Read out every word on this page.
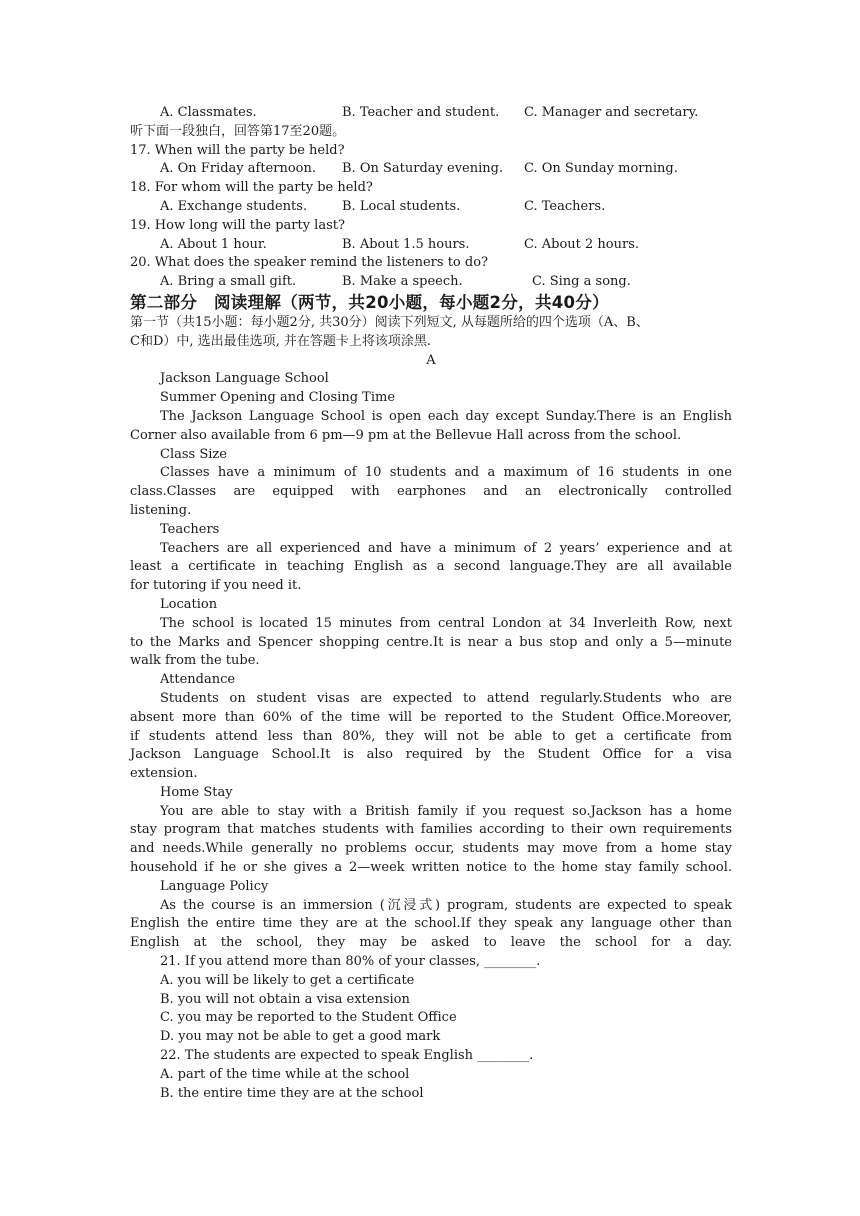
A. Classmates.	B. Teacher and student.	C. Manager and secretary.
听下面一段独白，回答第17至20题。
17. When will the party be held?
A. On Friday afternoon.	B. On Saturday evening.	C. On Sunday morning.
18. For whom will the party be held?
A. Exchange students.	B. Local students.	C. Teachers.
19. How long will the party last?
A. About 1 hour.	B. About 1.5 hours.	C. About 2 hours.
20. What does the speaker remind the listeners to do?
A. Bring a small gift.	B. Make a speech.	C. Sing a song.
第二部分　阅读理解（两节，共20小题，每小题2分，共40分）
第一节（共15小题：每小题2分, 共30分）阅读下列短文, 从每题所给的四个选项（A、B、
C和D）中, 选出最佳选项, 并在答题卡上将该项涂黑.
A
Jackson Language School
Summer Opening and Closing Time
The Jackson Language School is open each day except Sunday.There is an English
Corner also available from 6 pm—9 pm at the Bellevue Hall across from the school.
Class Size
Classes have a minimum of 10 students and a maximum of 16 students in one
class.Classes are equipped with earphones and an electronically controlled
listening.
Teachers
Teachers are all experienced and have a minimum of 2 years’ experience and at
least a certificate in teaching English as a second language.They are all available
for tutoring if you need it.
Location
The school is located 15 minutes from central London at 34 Inverleith Row, next
to the Marks and Spencer shopping centre.It is near a bus stop and only a 5—minute
walk from the tube.
Attendance
Students on student visas are expected to attend regularly.Students who are
absent more than 60% of the time will be reported to the Student Office.Moreover,
if students attend less than 80%, they will not be able to get a certificate from
Jackson Language School.It is also required by the Student Office for a visa
extension.
Home Stay
You are able to stay with a British family if you request so.Jackson has a home
stay program that matches students with families according to their own requirements
and needs.While generally no problems occur, students may move from a home stay
household if he or she gives a 2—week written notice to the home stay family school.
Language Policy
As the course is an immersion (沉浸式) program, students are expected to speak
English the entire time they are at the school.If they speak any language other than
English at the school, they may be asked to leave the school for a day.
21. If you attend more than 80% of your classes, ________.
A. you will be likely to get a certificate
B. you will not obtain a visa extension
C. you may be reported to the Student Office
D. you may not be able to get a good mark
22. The students are expected to speak English ________.
A. part of the time while at the school
B. the entire time they are at the school
